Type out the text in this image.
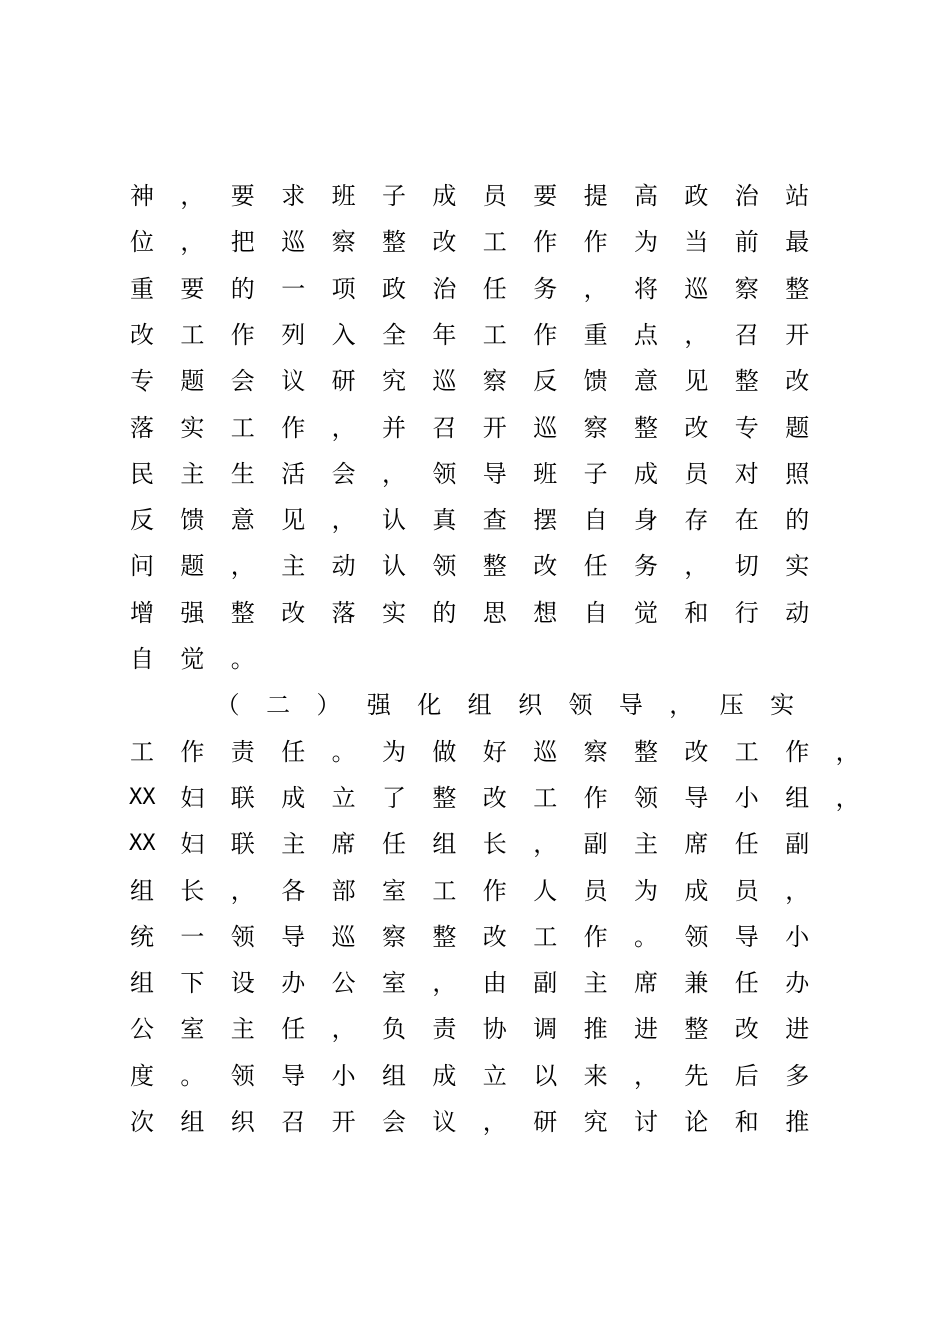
神 ， 要 求 班 子 成 员 要 提 高 政 治 站
位 ， 把 巡 察 整 改 工 作 作 为 当 前 最
重 要 的 一 项 政 治 任 务 ， 将 巡 察 整
改 工 作 列 入 全 年 工 作 重 点 ， 召 开
专 题 会 议 研 究 巡 察 反 馈 意 见 整 改
落 实 工 作 ， 并 召 开 巡 察 整 改 专 题
民 主 生 活 会 ， 领 导 班 子 成 员 对 照
反 馈 意 见 ， 认 真 查 摆 自 身 存 在 的
问 题 ， 主 动 认 领 整 改 任 务 ， 切 实
增 强 整 改 落 实 的 思 想 自 觉 和 行 动
自 觉 。
（ 二 ） 强 化 组 织 领 导 ， 压 实
工 作 责 任 。 为 做 好 巡 察 整 改 工 作 ，
XX 妇 联 成 立 了 整 改 工 作 领 导 小 组 ，
XX 妇 联 主 席 任 组 长 ， 副 主 席 任 副
组 长 ， 各 部 室 工 作 人 员 为 成 员 ，
统 一 领 导 巡 察 整 改 工 作 。 领 导 小
组 下 设 办 公 室 ， 由 副 主 席 兼 任 办
公 室 主 任 ， 负 责 协 调 推 进 整 改 进
度 。 领 导 小 组 成 立 以 来 ， 先 后 多
次 组 织 召 开 会 议 ， 研 究 讨 论 和 推
